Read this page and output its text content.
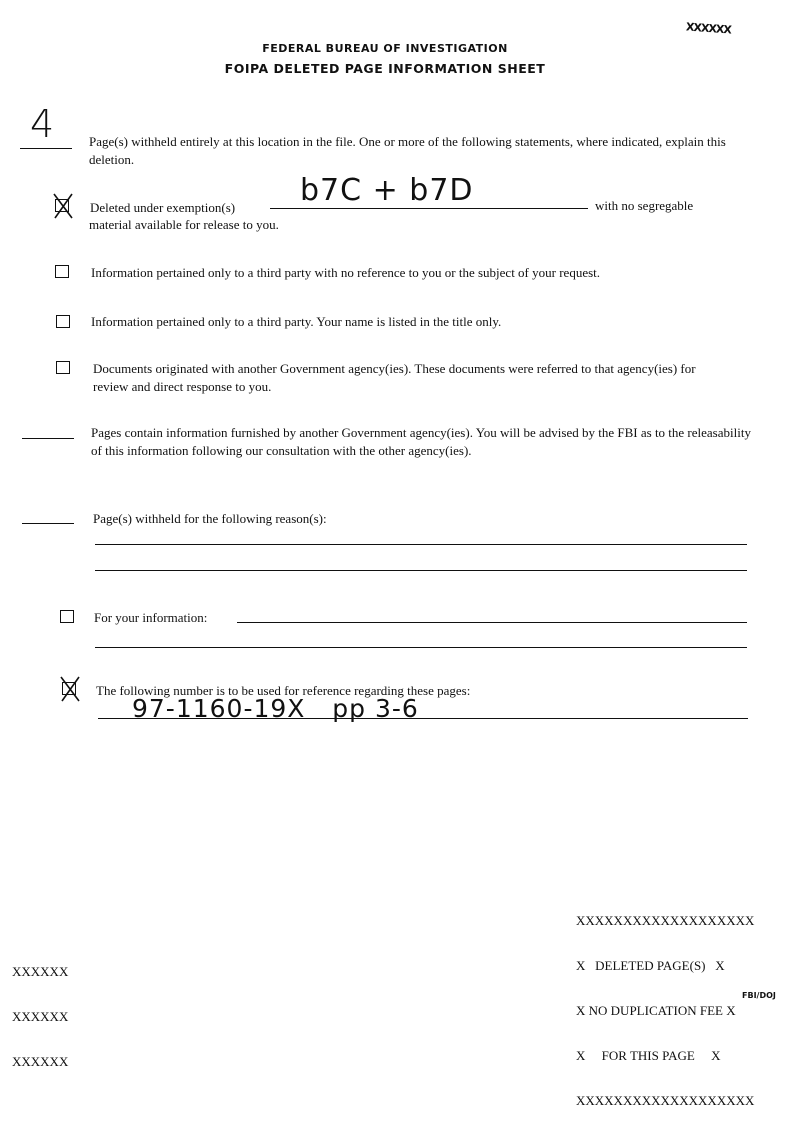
XXXXXX
FEDERAL BUREAU OF INVESTIGATION
FOIPA DELETED PAGE INFORMATION SHEET
4	Page(s) withheld entirely at this location in the file. One or more of the following statements, where indicated, explain this deletion.
Deleted under exemption(s) b7C + b7D	with no segregable
material available for release to you.
Information pertained only to a third party with no reference to you or the subject of your request.
Information pertained only to a third party. Your name is listed in the title only.
Documents originated with another Government agency(ies). These documents were referred to that agency(ies) for review and direct response to you.
Pages contain information furnished by another Government agency(ies). You will be advised by the FBI as to the releasability of this information following our consultation with the other agency(ies).
Page(s) withheld for the following reason(s):
For your information:
The following number is to be used for reference regarding these pages:
97-1160-19X   pp 3-6

XXXXXXXXXXXXXXXXXXX

X   DELETED PAGE(S)   X

X NO DUPLICATION FEE X

X     FOR THIS PAGE     X

XXXXXXXXXXXXXXXXXXX

XXXXXX

XXXXXX

XXXXXX

FBI/DOJ
